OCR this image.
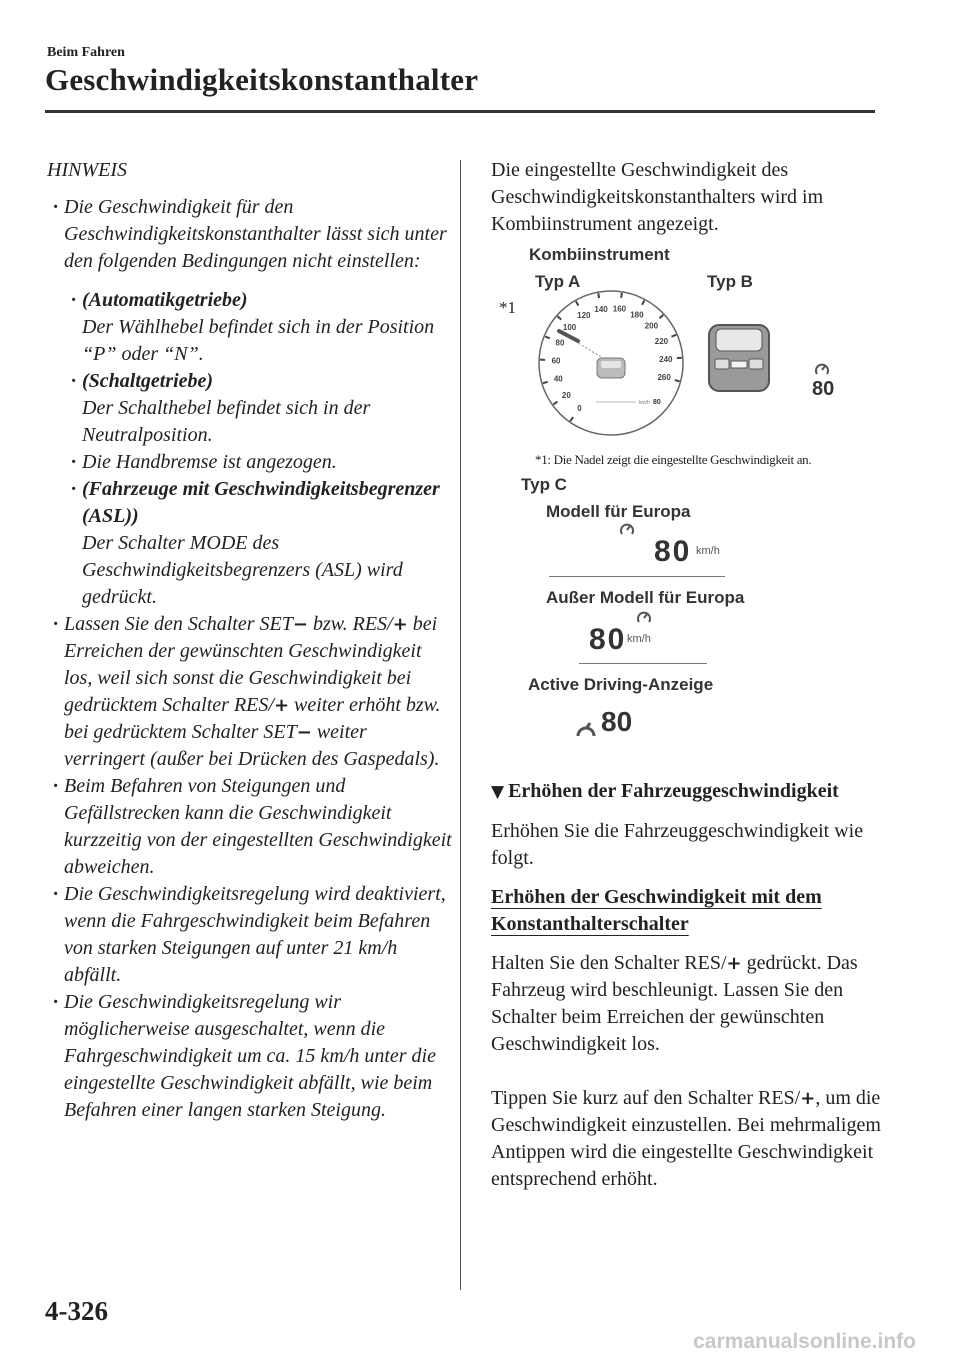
Beim Fahren
Geschwindigkeitskonstanthalter
HINWEIS
· Die Geschwindigkeit für den Geschwindigkeitskonstanthalter lässt sich unter den folgenden Bedingungen nicht einstellen:
· (Automatikgetriebe)
Der Wählhebel befindet sich in der Position “P” oder “N”.
· (Schaltgetriebe)
Der Schalthebel befindet sich in der Neutralposition.
· Die Handbremse ist angezogen.
· (Fahrzeuge mit Geschwindigkeitsbegrenzer (ASL))
Der Schalter MODE des Geschwindigkeitsbegrenzers (ASL) wird gedrückt.
· Lassen Sie den Schalter SET− bzw. RES/+ bei Erreichen der gewünschten Geschwindigkeit los, weil sich sonst die Geschwindigkeit bei gedrücktem Schalter RES/+ weiter erhöht bzw. bei gedrücktem Schalter SET− weiter verringert (außer bei Drücken des Gaspedals).
· Beim Befahren von Steigungen und Gefällstrecken kann die Geschwindigkeit kurzzeitig von der eingestellten Geschwindigkeit abweichen.
· Die Geschwindigkeitsregelung wird deaktiviert, wenn die Fahrgeschwindigkeit beim Befahren von starken Steigungen auf unter 21 km/h abfällt.
· Die Geschwindigkeitsregelung wir möglicherweise ausgeschaltet, wenn die Fahrgeschwindigkeit um ca. 15 km/h unter die eingestellte Geschwindigkeit abfällt, wie beim Befahren einer langen starken Steigung.

Die eingestellte Geschwindigkeit des Geschwindigkeitskonstanthalters wird im Kombiinstrument angezeigt.

Kombiinstrument
Typ A	Typ B
*1
0
20
40
60
80
100
120
140 160
180
200
220
240
260
km/h 80
80
*1: Die Nadel zeigt die eingestellte Geschwindigkeit an.
Typ C
Modell für Europa
80 km/h
Außer Modell für Europa
80 km/h
Active Driving-Anzeige
80
▼ Erhöhen der Fahrzeuggeschwindigkeit

Erhöhen Sie die Fahrzeuggeschwindigkeit wie folgt.

Erhöhen der Geschwindigkeit mit dem Konstanthalterschalter

Halten Sie den Schalter RES/+ gedrückt. Das Fahrzeug wird beschleunigt. Lassen Sie den Schalter beim Erreichen der gewünschten Geschwindigkeit los.

Tippen Sie kurz auf den Schalter RES/+, um die Geschwindigkeit einzustellen. Bei mehrmaligem Antippen wird die eingestellte Geschwindigkeit entsprechend erhöht.

4-326
carmanualsonline.info
